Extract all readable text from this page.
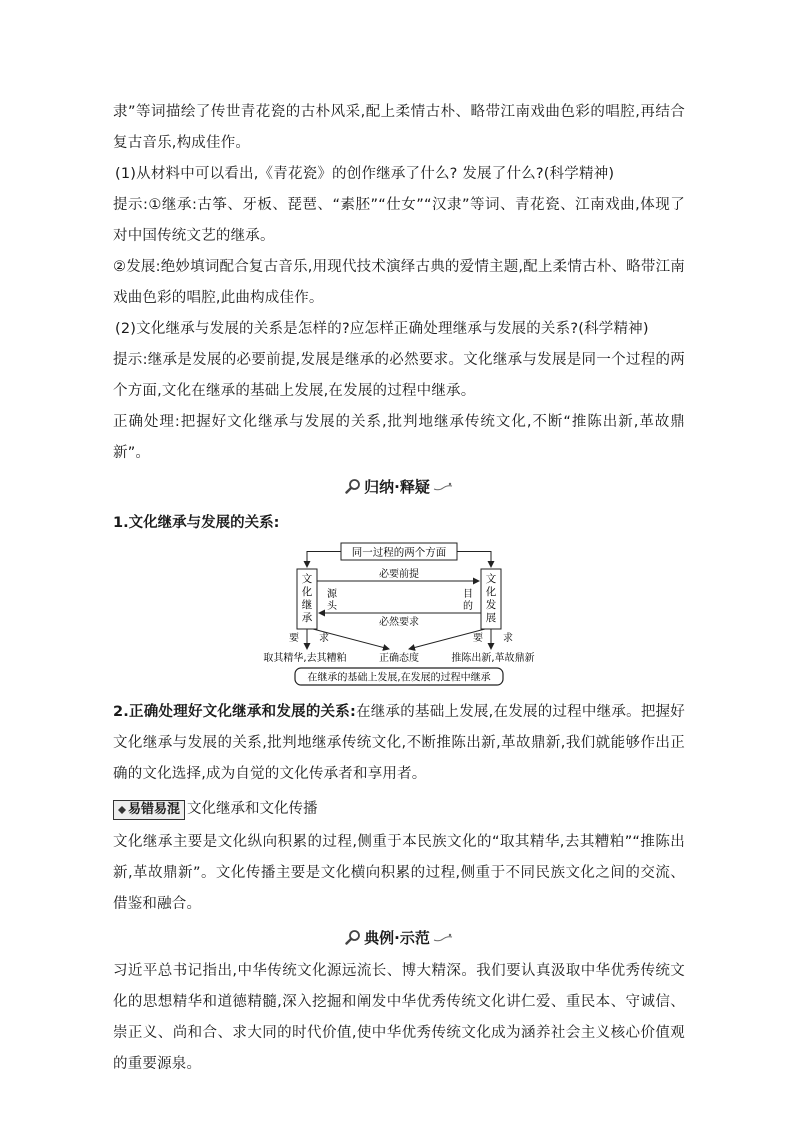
隶”等词描绘了传世青花瓷的古朴风采,配上柔情古朴、略带江南戏曲色彩的唱腔,再结合复古音乐,构成佳作。

(1)从材料中可以看出,《青花瓷》的创作继承了什么? 发展了什么?(科学精神)

提示:①继承:古筝、牙板、琵琶、“素胚”“仕女”“汉隶”等词、青花瓷、江南戏曲,体现了对中国传统文艺的继承。

②发展:绝妙填词配合复古音乐,用现代技术演绎古典的爱情主题,配上柔情古朴、略带江南戏曲色彩的唱腔,此曲构成佳作。

(2)文化继承与发展的关系是怎样的?应怎样正确处理继承与发展的关系?(科学精神)

提示:继承是发展的必要前提,发展是继承的必然要求。文化继承与发展是同一个过程的两个方面,文化在继承的基础上发展,在发展的过程中继承。

正确处理:把握好文化继承与发展的关系,批判地继承传统文化,不断“推陈出新,革故鼎新”。

归纳·释疑
1.文化继承与发展的关系:
同一过程的两个方面
文
化
继
承
文
化
发
展
必要前提
源
头
目
的
必然要求
要 求	要 求
取其精华,去其糟粕	正确态度	推陈出新,革故鼎新
在继承的基础上发展,在发展的过程中继承

2.正确处理好文化继承和发展的关系:在继承的基础上发展,在发展的过程中继承。把握好文化继承与发展的关系,批判地继承传统文化,不断推陈出新,革故鼎新,我们就能够作出正确的文化选择,成为自觉的文化传承者和享用者。

易错易混 文化继承和文化传播

文化继承主要是文化纵向积累的过程,侧重于本民族文化的“取其精华,去其糟粕”“推陈出新,革故鼎新”。文化传播主要是文化横向积累的过程,侧重于不同民族文化之间的交流、借鉴和融合。

典例·示范

习近平总书记指出,中华传统文化源远流长、博大精深。我们要认真汲取中华优秀传统文化的思想精华和道德精髓,深入挖掘和阐发中华优秀传统文化讲仁爱、重民本、守诚信、崇正义、尚和合、求大同的时代价值,使中华优秀传统文化成为涵养社会主义核心价值观的重要源泉。
